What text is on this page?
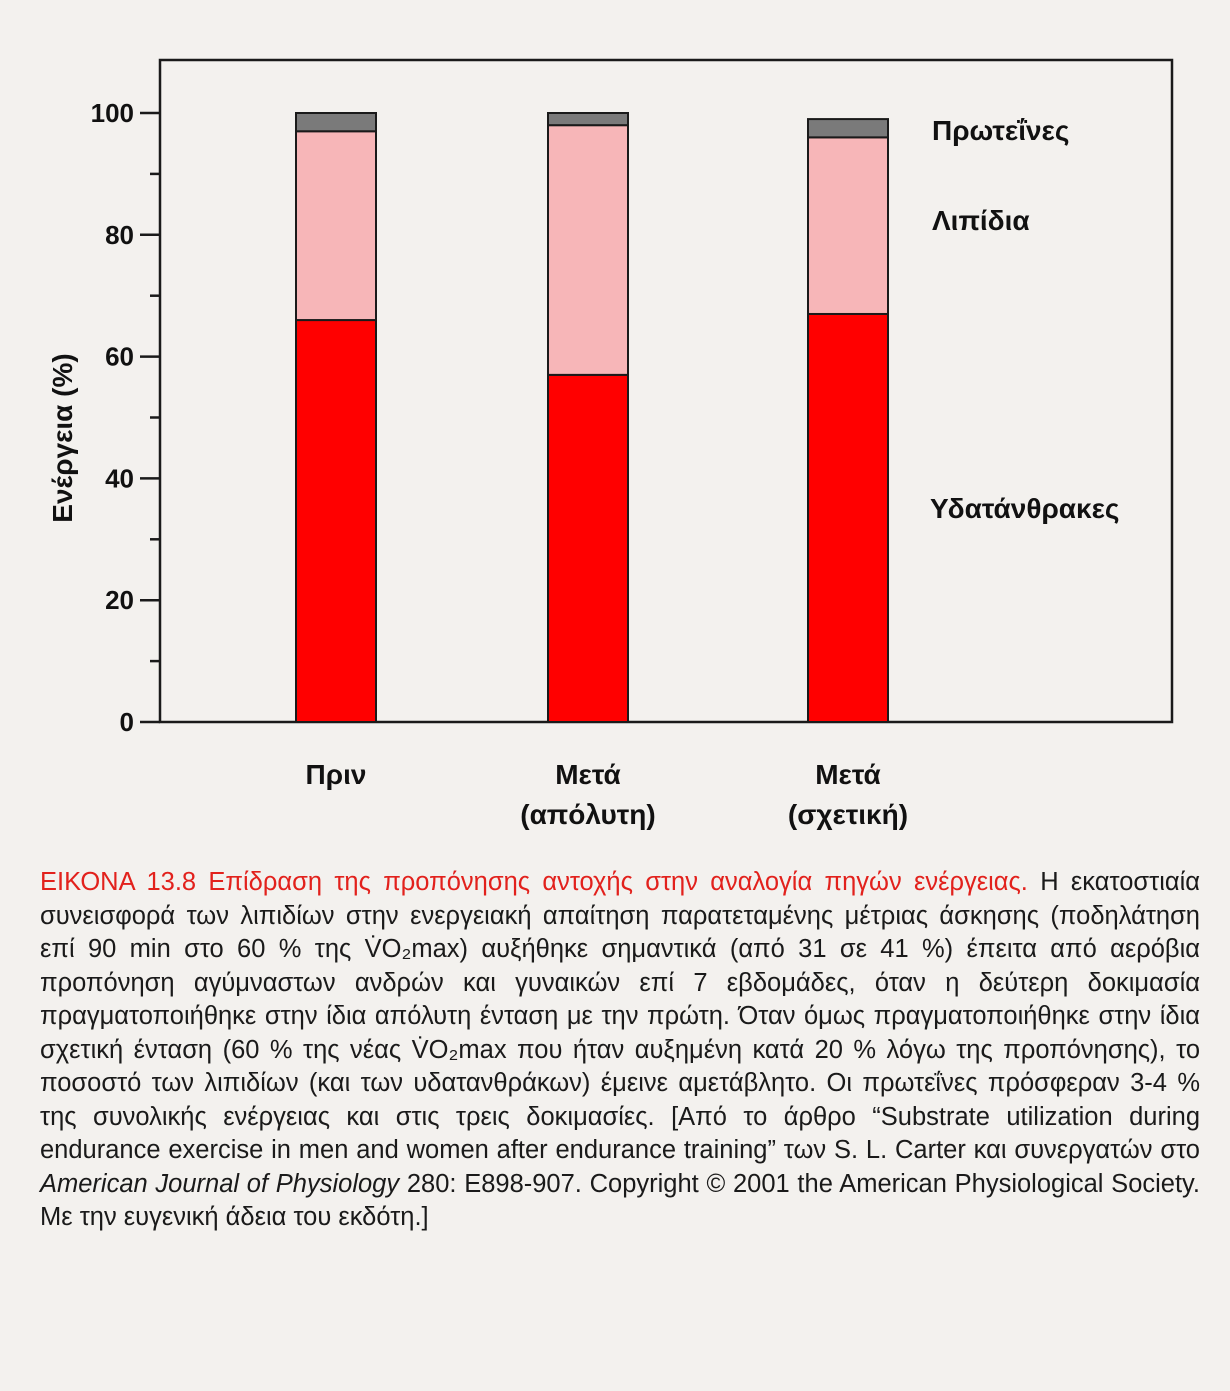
Ενέργεια (%)
0
20
40
60
80
100
Πριν	Μετά
(απόλυτη)
Μετά
(σχετική)
Υδατάνθρακες
Λιπίδια
Πρωτεΐνες

ΕΙΚΟΝΑ 13.8 Επίδραση της προπόνησης αντοχής στην αναλογία πηγών ενέργειας. Η εκατοστιαία συνεισφορά των λιπιδίων στην ενεργειακή απαίτηση παρατεταμένης μέτριας άσκησης (ποδηλάτηση επί 90 min στο 60 % της V̇O₂max) αυξήθηκε σημαντικά (από 31 σε 41 %) έπειτα από αερόβια προπόνηση αγύμναστων ανδρών και γυναικών επί 7 εβδομάδες, όταν η δεύτερη δοκιμασία πραγματοποιήθηκε στην ίδια απόλυτη ένταση με την πρώτη. Όταν όμως πραγματοποιήθηκε στην ίδια σχετική ένταση (60 % της νέας V̇O₂max που ήταν αυξημένη κατά 20 % λόγω της προπόνησης), το ποσοστό των λιπιδίων (και των υδατανθράκων) έμεινε αμετάβλητο. Οι πρωτεΐνες πρόσφεραν 3-4 % της συνολικής ενέργειας και στις τρεις δοκιμασίες. [Από το άρθρο “Substrate utilization during endurance exercise in men and women after endurance training” των S. L. Carter και συνεργατών στο American Journal of Physiology 280: E898-907. Copyright © 2001 the American Physiological Society. Με την ευγενική άδεια του εκδότη.]
